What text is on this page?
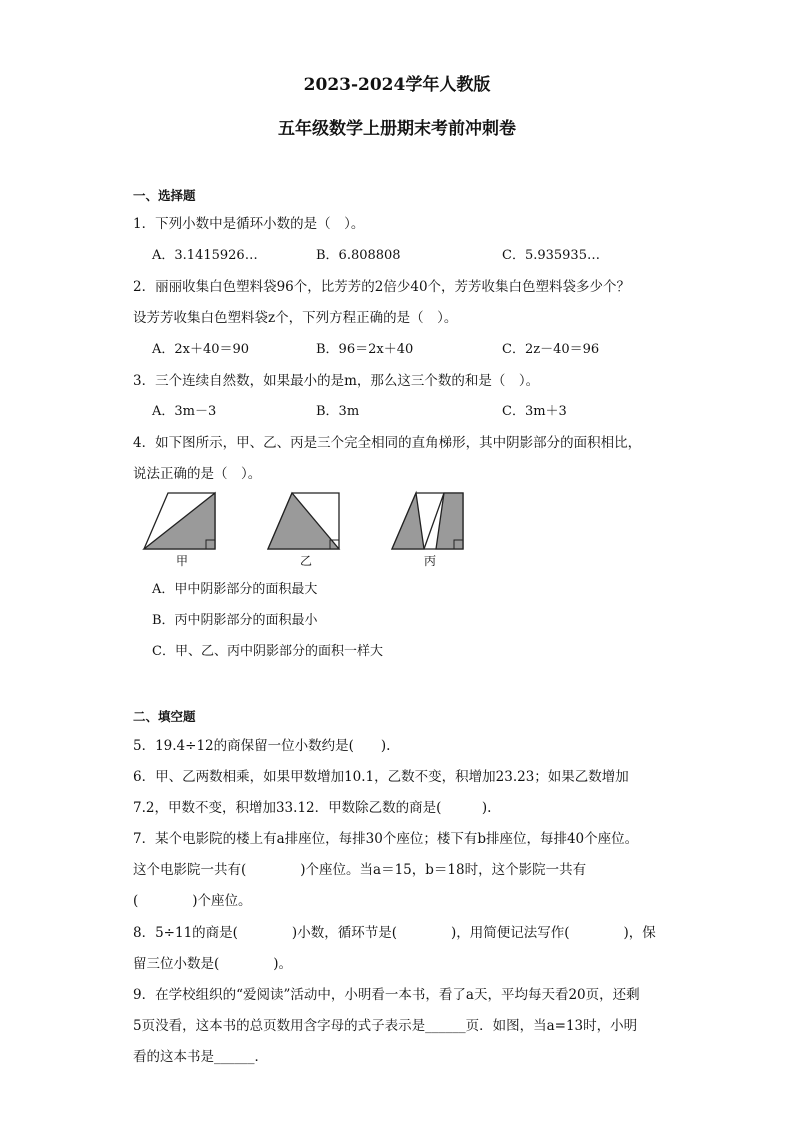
2023-2024学年人教版
五年级数学上册期末考前冲刺卷
一、选择题
1．下列小数中是循环小数的是（　）。
A．3.1415926…	B．6.808808	C．5.935935…
2．丽丽收集白色塑料袋96个，比芳芳的2倍少40个，芳芳收集白色塑料袋多少个？
设芳芳收集白色塑料袋z个，下列方程正确的是（　）。
A．2x＋40＝90	B．96＝2x＋40	C．2z－40＝96
3．三个连续自然数，如果最小的是m，那么这三个数的和是（　）。
A．3m－3	B．3m	C．3m＋3
4．如下图所示，甲、乙、丙是三个完全相同的直角梯形，其中阴影部分的面积相比，
说法正确的是（　）。
甲	乙	丙
A．甲中阴影部分的面积最大
B．丙中阴影部分的面积最小
C．甲、乙、丙中阴影部分的面积一样大
二、填空题
5．19.4÷12的商保留一位小数约是(　　).
6．甲、乙两数相乘，如果甲数增加10.1，乙数不变，积增加23.23；如果乙数增加
7.2，甲数不变，积增加33.12．甲数除乙数的商是(　　　).
7．某个电影院的楼上有a排座位，每排30个座位；楼下有b排座位，每排40个座位。
这个电影院一共有(　　　　)个座位。当a＝15，b＝18时，这个影院一共有
(　　　　)个座位。
8．5÷11的商是(　　　　)小数，循环节是(　　　　)，用简便记法写作(　　　　)，保
留三位小数是(　　　　)。
9．在学校组织的“爱阅读”活动中，小明看一本书，看了a天，平均每天看20页，还剩
5页没看，这本书的总页数用含字母的式子表示是______页．如图，当a=13时，小明
看的这本书是______．
